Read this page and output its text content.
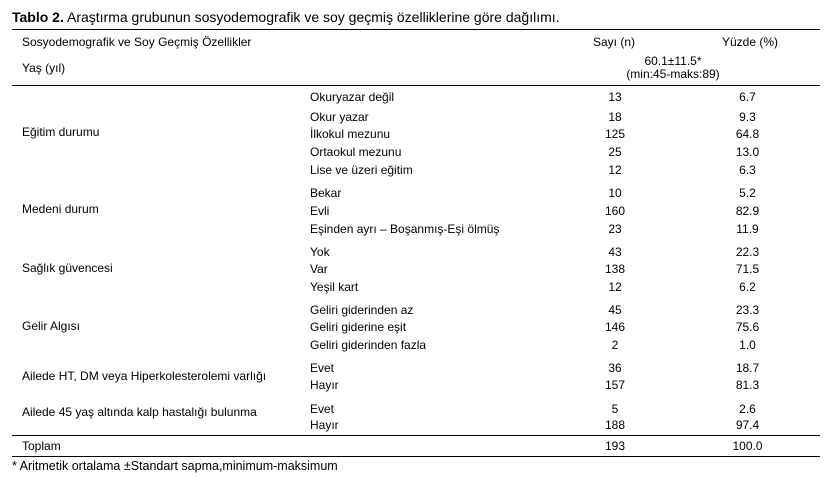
Tablo 2. Araştırma grubunun sosyodemografik ve soy geçmiş özelliklerine göre dağılımı.
Sosyodemografik ve Soy Geçmiş Özellikler	Sayı (n)	Yüzde (%)
Yaş (yıl)	60.1±11.5*
(min:45-maks:89)
Eğitim durumu
Okuryazar değil	13	6.7
Okur yazar	18	9.3
İlkokul mezunu	125	64.8
Ortaokul mezunu	25	13.0
Lise ve üzeri eğitim	12	6.3
Medeni durum
Bekar	10	5.2
Evli	160	82.9
Eşinden ayrı – Boşanmış-Eşi ölmüş	23	11.9
Sağlık güvencesi
Yok	43	22.3
Var	138	71.5
Yeşil kart	12	6.2
Gelir Algısı
Geliri giderinden az	45	23.3
Geliri giderine eşit	146	75.6
Geliri giderinden fazla	2	1.0
Ailede HT, DM veya Hiperkolesterolemi varlığı
Evet	36	18.7
Hayır	157	81.3
Ailede 45 yaş altında kalp hastalığı bulunma	Evet	5	2.6
Hayır	188	97.4
Toplam	193	100.0
* Aritmetik ortalama ±Standart sapma,minimum-maksimum
